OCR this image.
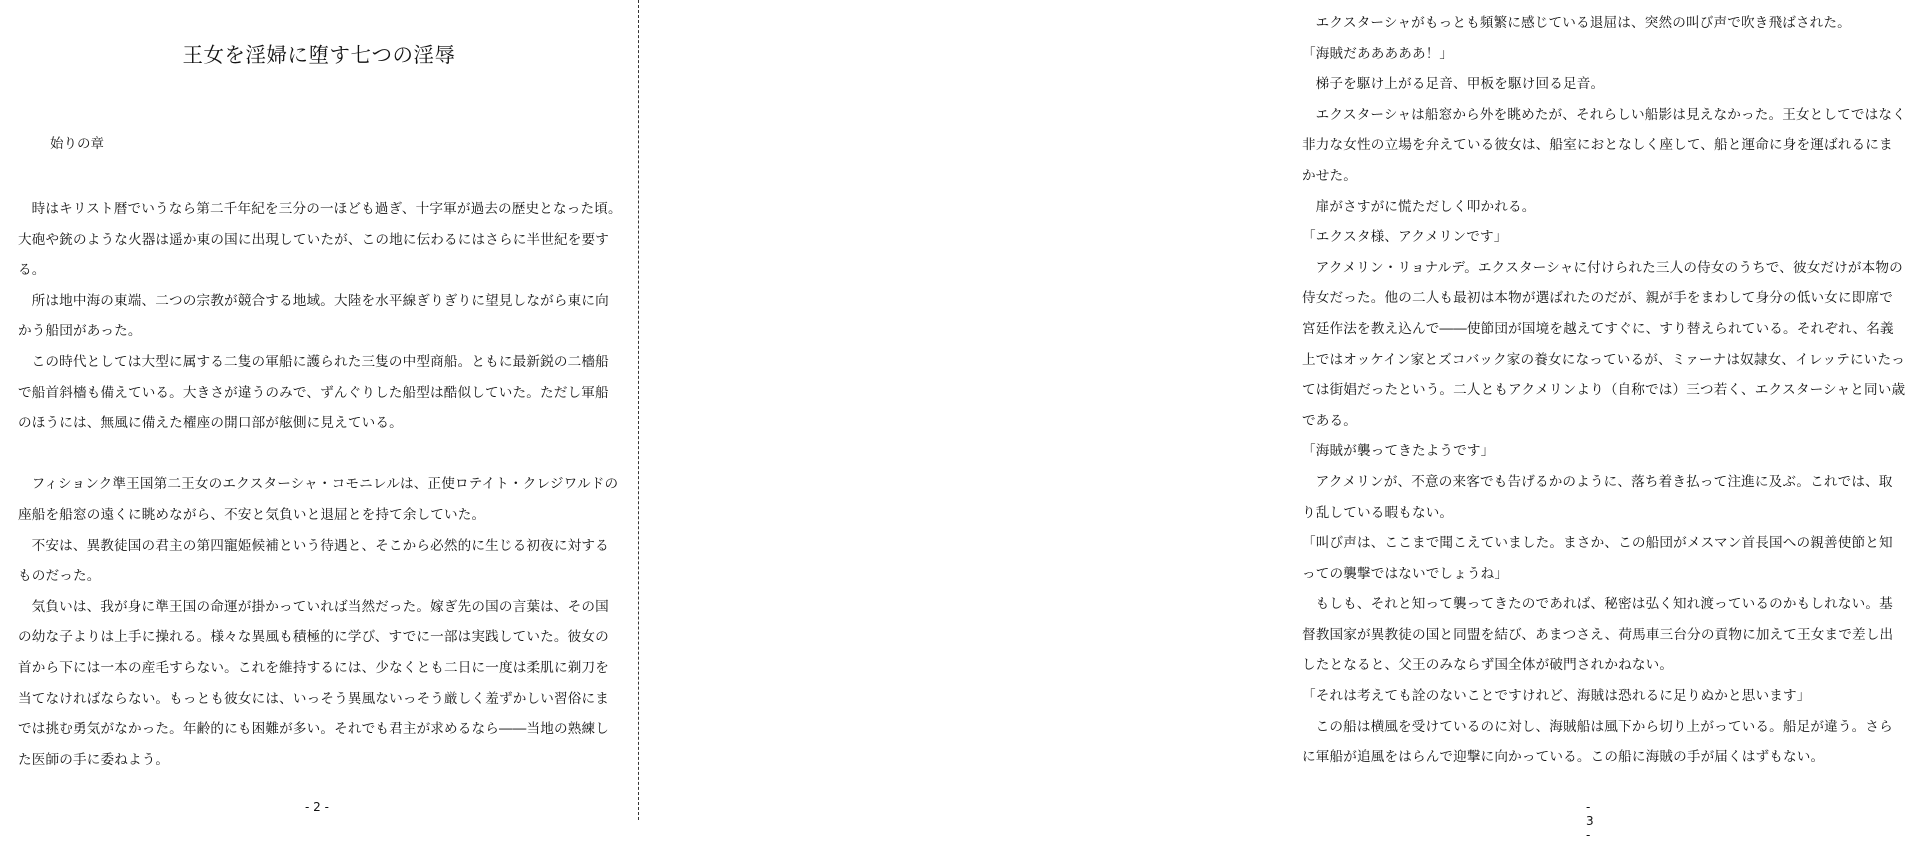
王女を淫婦に堕す七つの淫辱
始りの章

時はキリスト暦でいうなら第二千年紀を三分の一ほども過ぎ、十字軍が過去の歴史となった頃。大砲や銃のような火器は遥か東の国に出現していたが、この地に伝わるにはさらに半世紀を要する。

所は地中海の東端、二つの宗教が競合する地域。大陸を水平線ぎりぎりに望見しながら東に向かう船団があった。

この時代としては大型に属する二隻の軍船に護られた三隻の中型商船。ともに最新鋭の二檣船で船首斜檣も備えている。大きさが違うのみで、ずんぐりした船型は酷似していた。ただし軍船のほうには、無風に備えた櫂座の開口部が舷側に見えている。

フィションク準王国第二王女のエクスターシャ・コモニレルは、正使ロテイト・クレジワルドの座船を船窓の遠くに眺めながら、不安と気負いと退屈とを持て余していた。

不安は、異教徒国の君主の第四寵姫候補という待遇と、そこから必然的に生じる初夜に対するものだった。

気負いは、我が身に準王国の命運が掛かっていれば当然だった。嫁ぎ先の国の言葉は、その国の幼な子よりは上手に操れる。様々な異風も積極的に学び、すでに一部は実践していた。彼女の首から下には一本の産毛すらない。これを維持するには、少なくとも二日に一度は柔肌に剃刀を当てなければならない。もっとも彼女には、いっそう異風ないっそう厳しく羞ずかしい習俗にまでは挑む勇気がなかった。年齢的にも困難が多い。それでも君主が求めるなら――当地の熟練した医師の手に委ねよう。

- 2 -

エクスターシャがもっとも頻繁に感じている退屈は、突然の叫び声で吹き飛ばされた。

「海賊だあああああ！」

梯子を駆け上がる足音、甲板を駆け回る足音。

エクスターシャは船窓から外を眺めたが、それらしい船影は見えなかった。王女としてではなく非力な女性の立場を弁えている彼女は、船室におとなしく座して、船と運命に身を運ばれるにまかせた。

扉がさすがに慌ただしく叩かれる。

「エクスタ様、アクメリンです」

アクメリン・リョナルデ。エクスターシャに付けられた三人の侍女のうちで、彼女だけが本物の侍女だった。他の二人も最初は本物が選ばれたのだが、親が手をまわして身分の低い女に即席で宮廷作法を教え込んで――使節団が国境を越えてすぐに、すり替えられている。それぞれ、名義上ではオッケイン家とズコバック家の養女になっているが、ミァーナは奴隷女、イレッテにいたっては街娼だったという。二人ともアクメリンより（自称では）三つ若く、エクスターシャと同い歳である。

「海賊が襲ってきたようです」

アクメリンが、不意の来客でも告げるかのように、落ち着き払って注進に及ぶ。これでは、取り乱している暇もない。

「叫び声は、ここまで聞こえていました。まさか、この船団がメスマン首長国への親善使節と知っての襲撃ではないでしょうね」

もしも、それと知って襲ってきたのであれば、秘密は弘く知れ渡っているのかもしれない。基督教国家が異教徒の国と同盟を結び、あまつさえ、荷馬車三台分の貢物に加えて王女まで差し出したとなると、父王のみならず国全体が破門されかねない。

「それは考えても詮のないことですけれど、海賊は恐れるに足りぬかと思います」

この船は横風を受けているのに対し、海賊船は風下から切り上がっている。船足が違う。さらに軍船が追風をはらんで迎撃に向かっている。この船に海賊の手が届くはずもない。

- 3 -
